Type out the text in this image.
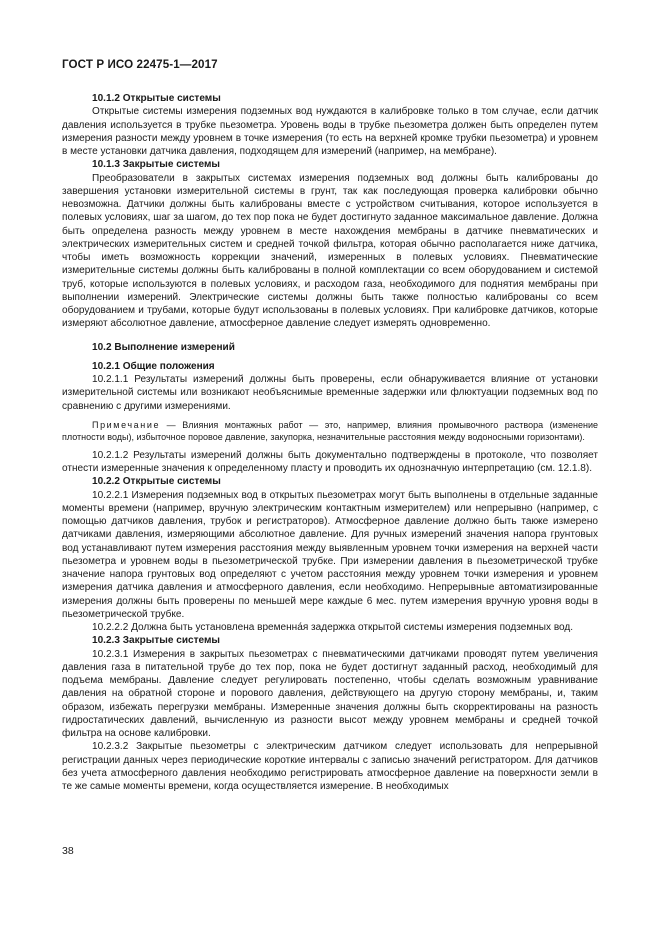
ГОСТ Р ИСО 22475-1—2017
10.1.2 Открытые системы

Открытые системы измерения подземных вод нуждаются в калибровке только в том случае, если датчик давления используется в трубке пьезометра. Уровень воды в трубке пьезометра должен быть определен путем измерения разности между уровнем в точке измерения (то есть на верхней кромке трубки пьезометра) и уровнем в месте установки датчика давления, подходящем для измерений (например, на мембране).

10.1.3 Закрытые системы

Преобразователи в закрытых системах измерения подземных вод должны быть калиброваны до завершения установки измерительной системы в грунт, так как последующая проверка калибровки обычно невозможна. Датчики должны быть калиброваны вместе с устройством считывания, которое используется в полевых условиях, шаг за шагом, до тех пор пока не будет достигнуто заданное максимальное давление. Должна быть определена разность между уровнем в месте нахождения мембраны в датчике пневматических и электрических измерительных систем и средней точкой фильтра, которая обычно располагается ниже датчика, чтобы иметь возможность коррекции значений, измеренных в полевых условиях. Пневматические измерительные системы должны быть калиброваны в полной комплектации со всем оборудованием и системой труб, которые используются в полевых условиях, и расходом газа, необходимого для поднятия мембраны при выполнении измерений. Электрические системы должны быть также полностью калиброваны со всем оборудованием и трубами, которые будут использованы в полевых условиях. При калибровке датчиков, которые измеряют абсолютное давление, атмосферное давление следует измерять одновременно.

10.2 Выполнение измерений
10.2.1 Общие положения

10.2.1.1 Результаты измерений должны быть проверены, если обнаруживается влияние от установки измерительной системы или возникают необъяснимые временные задержки или флюктуации подземных вод по сравнению с другими измерениями.

Примечание — Влияния монтажных работ — это, например, влияния промывочного раствора (изменение плотности воды), избыточное поровое давление, закупорка, незначительные расстояния между водоносными горизонтами).

10.2.1.2 Результаты измерений должны быть документально подтверждены в протоколе, что позволяет отнести измеренные значения к определенному пласту и проводить их однозначную интерпретацию (см. 12.1.8).

10.2.2 Открытые системы

10.2.2.1 Измерения подземных вод в открытых пьезометрах могут быть выполнены в отдельные заданные моменты времени (например, вручную электрическим контактным измерителем) или непрерывно (например, с помощью датчиков давления, трубок и регистраторов). Атмосферное давление должно быть также измерено датчиками давления, измеряющими абсолютное давление. Для ручных измерений значения напора грунтовых вод устанавливают путем измерения расстояния между выявленным уровнем точки измерения на верхней части пьезометра и уровнем воды в пьезометрической трубке. При измерении давления в пьезометрической трубке значение напора грунтовых вод определяют с учетом расстояния между уровнем точки измерения и уровнем измерения датчика давления и атмосферного давления, если необходимо. Непрерывные автоматизированные измерения должны быть проверены по меньшей мере каждые 6 мес. путем измерения вручную уровня воды в пьезометрической трубке.

10.2.2.2 Должна быть установлена временна́я задержка открытой системы измерения подземных вод.

10.2.3 Закрытые системы

10.2.3.1 Измерения в закрытых пьезометрах с пневматическими датчиками проводят путем увеличения давления газа в питательной трубе до тех пор, пока не будет достигнут заданный расход, необходимый для подъема мембраны. Давление следует регулировать постепенно, чтобы сделать возможным уравнивание давления на обратной стороне и порового давления, действующего на другую сторону мембраны, и, таким образом, избежать перегрузки мембраны. Измеренные значения должны быть скорректированы на разность гидростатических давлений, вычисленную из разности высот между уровнем мембраны и средней точкой фильтра на основе калибровки.

10.2.3.2 Закрытые пьезометры с электрическим датчиком следует использовать для непрерывной регистрации данных через периодические короткие интервалы с записью значений регистратором. Для датчиков без учета атмосферного давления необходимо регистрировать атмосферное давление на поверхности земли в те же самые моменты времени, когда осуществляется измерение. В необходимых

38
